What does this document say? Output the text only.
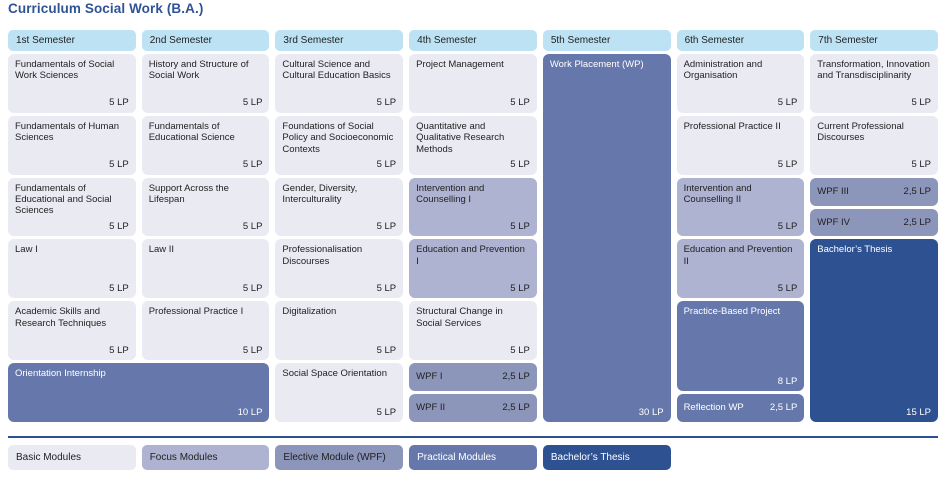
Curriculum Social Work (B.A.)
1st Semester	2nd Semester	3rd Semester	4th Semester	5th Semester	6th Semester	7th Semester
Fundamentals of Social Work Sciences
5 LP
Fundamentals of Human Sciences
5 LP
Fundamentals of Educational and Social Sciences
5 LP
Law I
5 LP
Academic Skills and Research Techniques
5 LP
Orientation Internship
10 LP
History and Structure of Social Work
5 LP
Fundamentals of Educational Science
5 LP
Support Across the Lifespan
5 LP
Law II
5 LP
Professional Practice I
5 LP
Cultural Science and Cultural Education Basics
5 LP
Foundations of Social Policy and Socioeconomic Contexts
5 LP
Gender, Diversity, Interculturality
5 LP
Professionalisation Discourses
5 LP
Digitalization
5 LP
Social Space Orientation
5 LP
Project Management
5 LP
Quantitative and Qualitative Research Methods
5 LP
Intervention and Counselling I
5 LP
Education and Prevention I
5 LP
Structural Change in Social Services
5 LP
WPF I	2,5 LP
WPF II	2,5 LP
Work Placement (WP)
30 LP
Administration and Organisation
5 LP
Professional Practice II
5 LP
Intervention and Counselling II
5 LP
Education and Prevention II
5 LP
Practice-Based Project
8 LP
Reflection WP	2,5 LP
Transformation, Innovation and Transdisciplinarity
5 LP
Current Professional Discourses
5 LP
WPF III	2,5 LP
WPF IV	2,5 LP
Bachelor’s Thesis
15 LP
Basic Modules	Focus Modules	Elective Module (WPF)	Practical Modules	Bachelor’s Thesis
